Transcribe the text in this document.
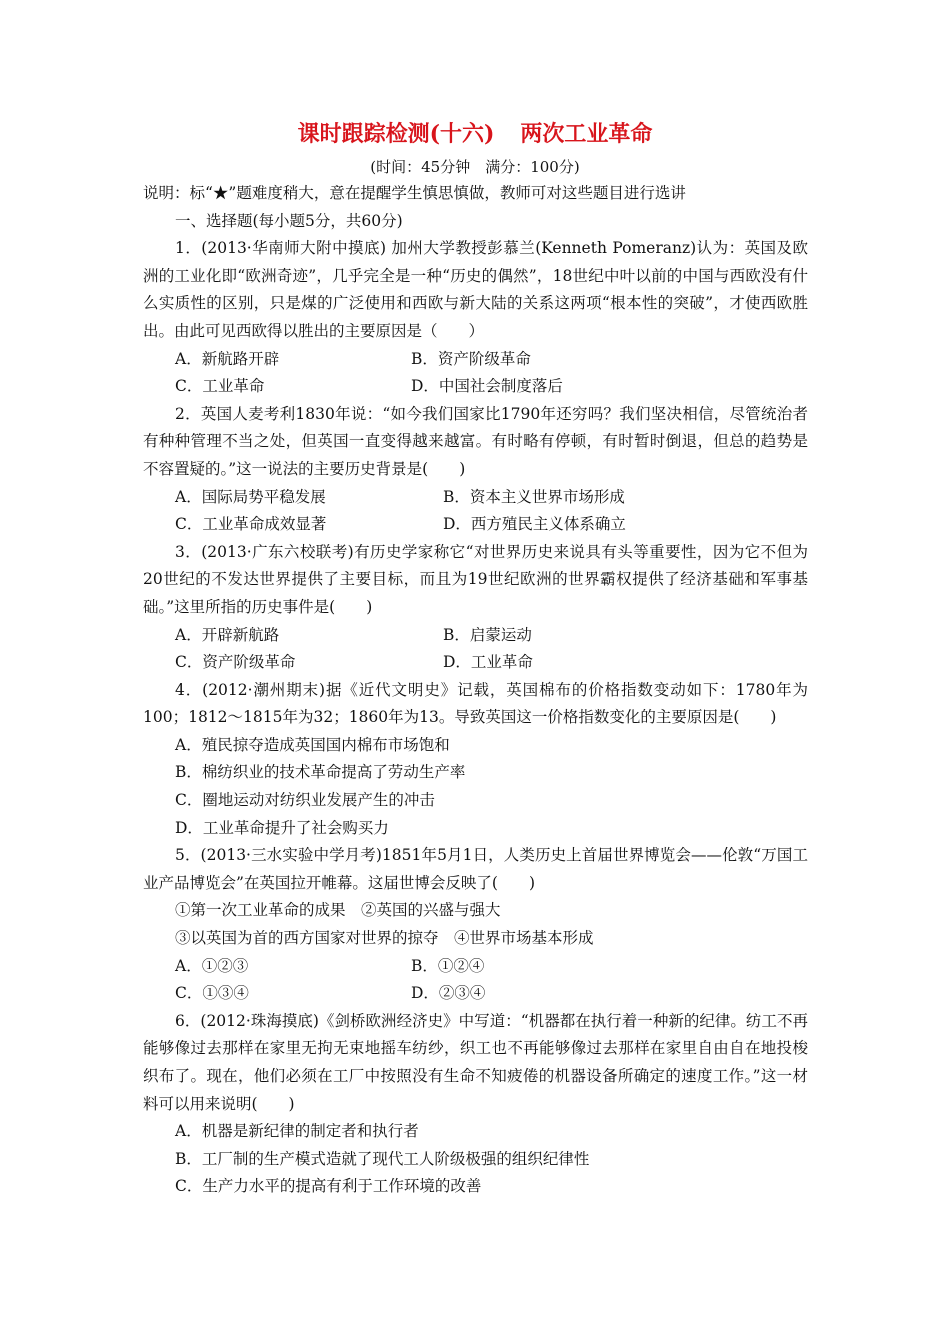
课时跟踪检测(十六) 两次工业革命
(时间：45分钟　满分：100分)
说明：标“★”题难度稍大，意在提醒学生慎思慎做，教师可对这些题目进行选讲
一、选择题(每小题5分，共60分)

1．(2013·华南师大附中摸底) 加州大学教授彭慕兰(Kenneth Pomeranz)认为：英国及欧洲的工业化即“欧洲奇迹”，几乎完全是一种“历史的偶然”，18世纪中叶以前的中国与西欧没有什么实质性的区别，只是煤的广泛使用和西欧与新大陆的关系这两项“根本性的突破”，才使西欧胜出。由此可见西欧得以胜出的主要原因是（　　）

A．新航路开辟	B．资产阶级革命
C．工业革命	D．中国社会制度落后

2．英国人麦考利1830年说：“如今我们国家比1790年还穷吗？我们坚决相信，尽管统治者有种种管理不当之处，但英国一直变得越来越富。有时略有停顿，有时暂时倒退，但总的趋势是不容置疑的。”这一说法的主要历史背景是(　　)

A．国际局势平稳发展	B．资本主义世界市场形成
C．工业革命成效显著	D．西方殖民主义体系确立

3．(2013·广东六校联考)有历史学家称它“对世界历史来说具有头等重要性，因为它不但为20世纪的不发达世界提供了主要目标，而且为19世纪欧洲的世界霸权提供了经济基础和军事基础。”这里所指的历史事件是(　　)

A．开辟新航路	B．启蒙运动
C．资产阶级革命	D．工业革命

4．(2012·潮州期末)据《近代文明史》记载，英国棉布的价格指数变动如下：1780年为100；1812～1815年为32；1860年为13。导致英国这一价格指数变化的主要原因是(　　)

A．殖民掠夺造成英国国内棉布市场饱和
B．棉纺织业的技术革命提高了劳动生产率
C．圈地运动对纺织业发展产生的冲击
D．工业革命提升了社会购买力

5．(2013·三水实验中学月考)1851年5月1日，人类历史上首届世界博览会——伦敦“万国工业产品博览会”在英国拉开帷幕。这届世博会反映了(　　)

①第一次工业革命的成果　②英国的兴盛与强大
③以英国为首的西方国家对世界的掠夺　④世界市场基本形成
A．①②③	B．①②④
C．①③④	D．②③④

6．(2012·珠海摸底)《剑桥欧洲经济史》中写道：“机器都在执行着一种新的纪律。纺工不再能够像过去那样在家里无拘无束地摇车纺纱，织工也不再能够像过去那样在家里自由自在地投梭织布了。现在，他们必须在工厂中按照没有生命不知疲倦的机器设备所确定的速度工作。”这一材料可以用来说明(　　)

A．机器是新纪律的制定者和执行者
B．工厂制的生产模式造就了现代工人阶级极强的组织纪律性
C．生产力水平的提高有利于工作环境的改善
